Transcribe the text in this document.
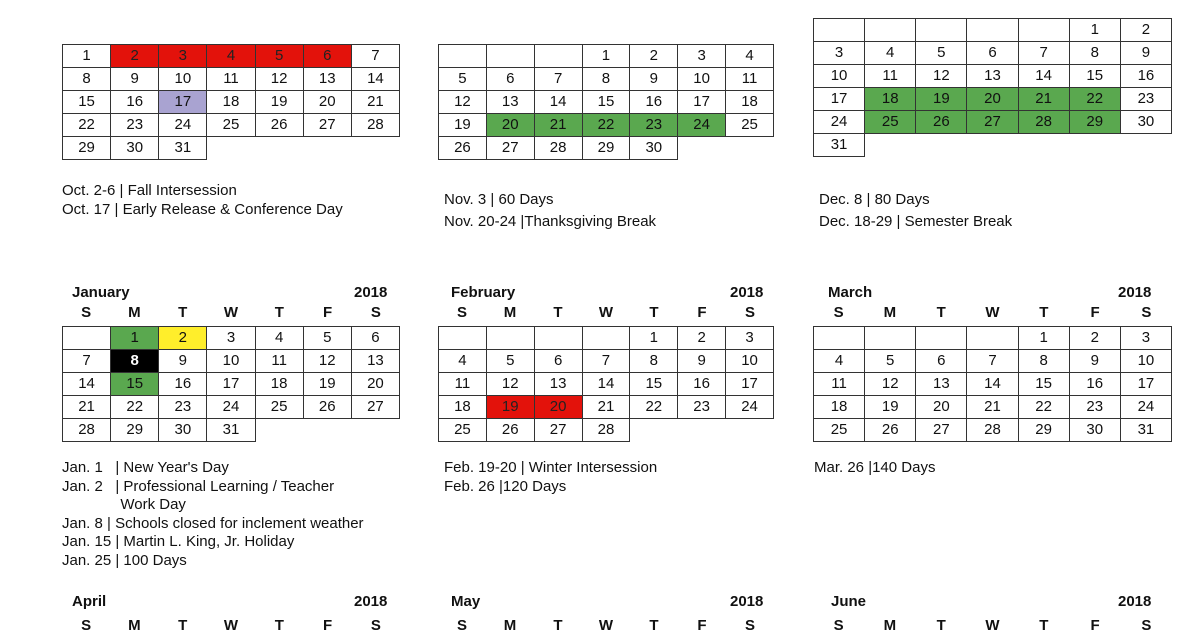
1	2	3	4	5	6	7
8	9	10	11	12	13	14
15	16	17	18	19	20	21
22	23	24	25	26	27	28
29	30	31				
Oct. 2-6 | Fall Intersession
Oct. 17 | Early Release & Conference Day
			1	2	3	4
5	6	7	8	9	10	11
12	13	14	15	16	17	18
19	20	21	22	23	24	25
26	27	28	29	30		
Nov. 3 | 60 Days
Nov. 20-24 |Thanksgiving Break
					1	2
3	4	5	6	7	8	9
10	11	12	13	14	15	16
17	18	19	20	21	22	23
24	25	26	27	28	29	30
31						
Dec. 8 | 80 Days
Dec. 18-29 | Semester Break
January	2018
S	M	T	W	T	F	S
	1	2	3	4	5	6
7	8	9	10	11	12	13
14	15	16	17	18	19	20
21	22	23	24	25	26	27
28	29	30	31			
Jan. 1   | New Year's Day
Jan. 2   | Professional Learning / Teacher
Work Day
Jan. 8 | Schools closed for inclement weather
Jan. 15 | Martin L. King, Jr. Holiday
Jan. 25 | 100 Days
February	2018
S	M	T	W	T	F	S
				1	2	3
4	5	6	7	8	9	10
11	12	13	14	15	16	17
18	19	20	21	22	23	24
25	26	27	28			
Feb. 19-20 | Winter Intersession
Feb. 26 |120 Days
March	2018
S	M	T	W	T	F	S
				1	2	3
4	5	6	7	8	9	10
11	12	13	14	15	16	17
18	19	20	21	22	23	24
25	26	27	28	29	30	31
Mar. 26 |140 Days
April	2018
S	M	T	W	T	F	S
May	2018
S	M	T	W	T	F	S
June	2018
S	M	T	W	T	F	S
